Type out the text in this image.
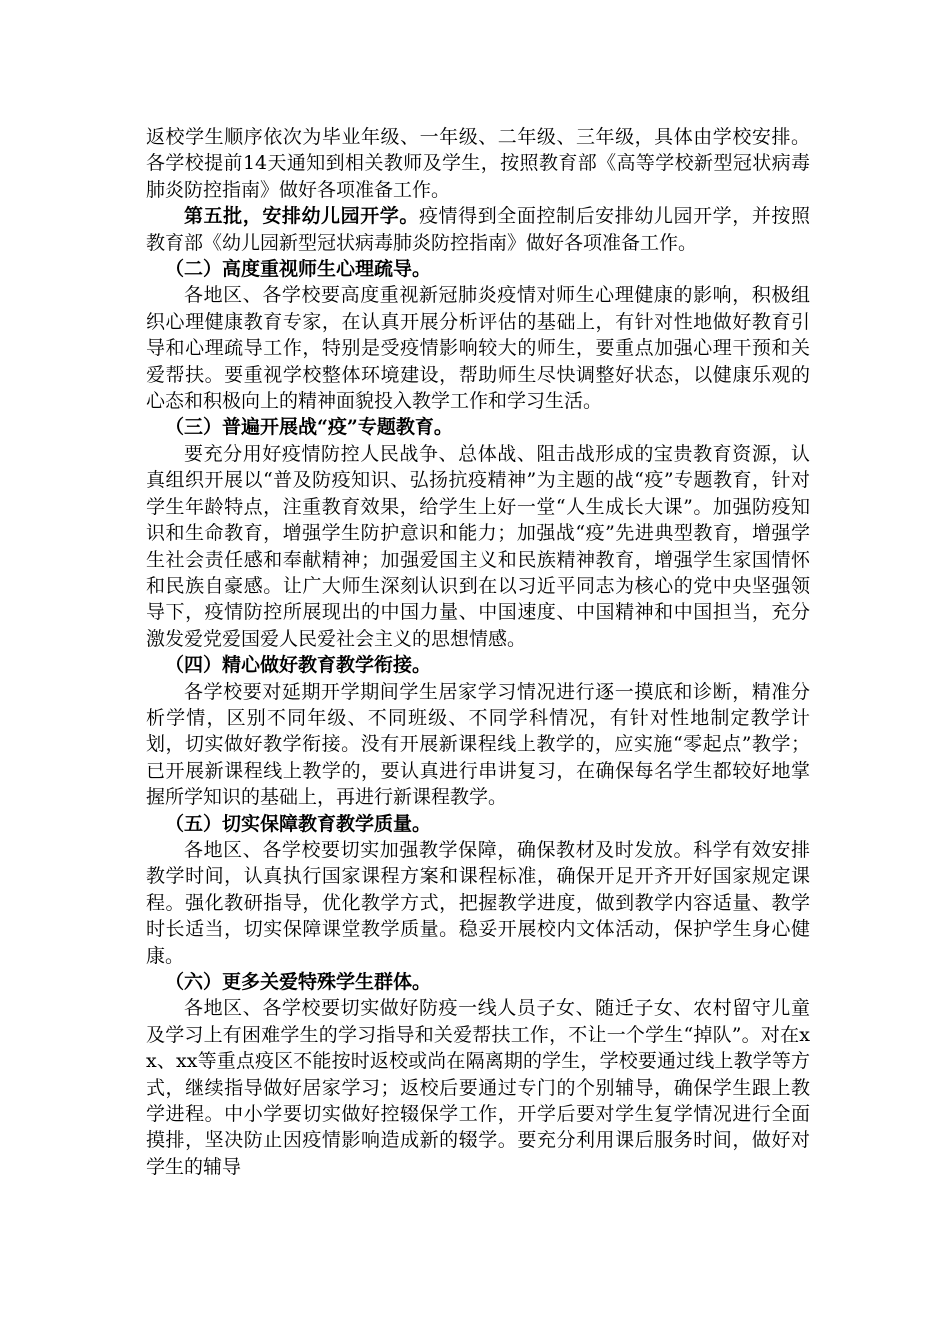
返校学生顺序依次为毕业年级、一年级、二年级、三年级，具体由学校安排。各学校提前14天通知到相关教师及学生，按照教育部《高等学校新型冠状病毒肺炎防控指南》做好各项准备工作。

第五批，安排幼儿园开学。疫情得到全面控制后安排幼儿园开学，并按照教育部《幼儿园新型冠状病毒肺炎防控指南》做好各项准备工作。

（二）高度重视师生心理疏导。

各地区、各学校要高度重视新冠肺炎疫情对师生心理健康的影响，积极组织心理健康教育专家，在认真开展分析评估的基础上，有针对性地做好教育引导和心理疏导工作，特别是受疫情影响较大的师生，要重点加强心理干预和关爱帮扶。要重视学校整体环境建设，帮助师生尽快调整好状态，以健康乐观的心态和积极向上的精神面貌投入教学工作和学习生活。

（三）普遍开展战“疫”专题教育。

要充分用好疫情防控人民战争、总体战、阻击战形成的宝贵教育资源，认真组织开展以“普及防疫知识、弘扬抗疫精神”为主题的战“疫”专题教育，针对学生年龄特点，注重教育效果，给学生上好一堂“人生成长大课”。加强防疫知识和生命教育，增强学生防护意识和能力；加强战“疫”先进典型教育，增强学生社会责任感和奉献精神；加强爱国主义和民族精神教育，增强学生家国情怀和民族自豪感。让广大师生深刻认识到在以习近平同志为核心的党中央坚强领导下，疫情防控所展现出的中国力量、中国速度、中国精神和中国担当，充分激发爱党爱国爱人民爱社会主义的思想情感。

（四）精心做好教育教学衔接。

各学校要对延期开学期间学生居家学习情况进行逐一摸底和诊断，精准分析学情，区别不同年级、不同班级、不同学科情况，有针对性地制定教学计划，切实做好教学衔接。没有开展新课程线上教学的，应实施“零起点”教学；已开展新课程线上教学的，要认真进行串讲复习，在确保每名学生都较好地掌握所学知识的基础上，再进行新课程教学。

（五）切实保障教育教学质量。

各地区、各学校要切实加强教学保障，确保教材及时发放。科学有效安排教学时间，认真执行国家课程方案和课程标准，确保开足开齐开好国家规定课程。强化教研指导，优化教学方式，把握教学进度，做到教学内容适量、教学时长适当，切实保障课堂教学质量。稳妥开展校内文体活动，保护学生身心健康。

（六）更多关爱特殊学生群体。

各地区、各学校要切实做好防疫一线人员子女、随迁子女、农村留守儿童及学习上有困难学生的学习指导和关爱帮扶工作，不让一个学生“掉队”。对在xx、xx等重点疫区不能按时返校或尚在隔离期的学生，学校要通过线上教学等方式，继续指导做好居家学习；返校后要通过专门的个别辅导，确保学生跟上教学进程。中小学要切实做好控辍保学工作，开学后要对学生复学情况进行全面摸排，坚决防止因疫情影响造成新的辍学。要充分利用课后服务时间，做好对学生的辅导
